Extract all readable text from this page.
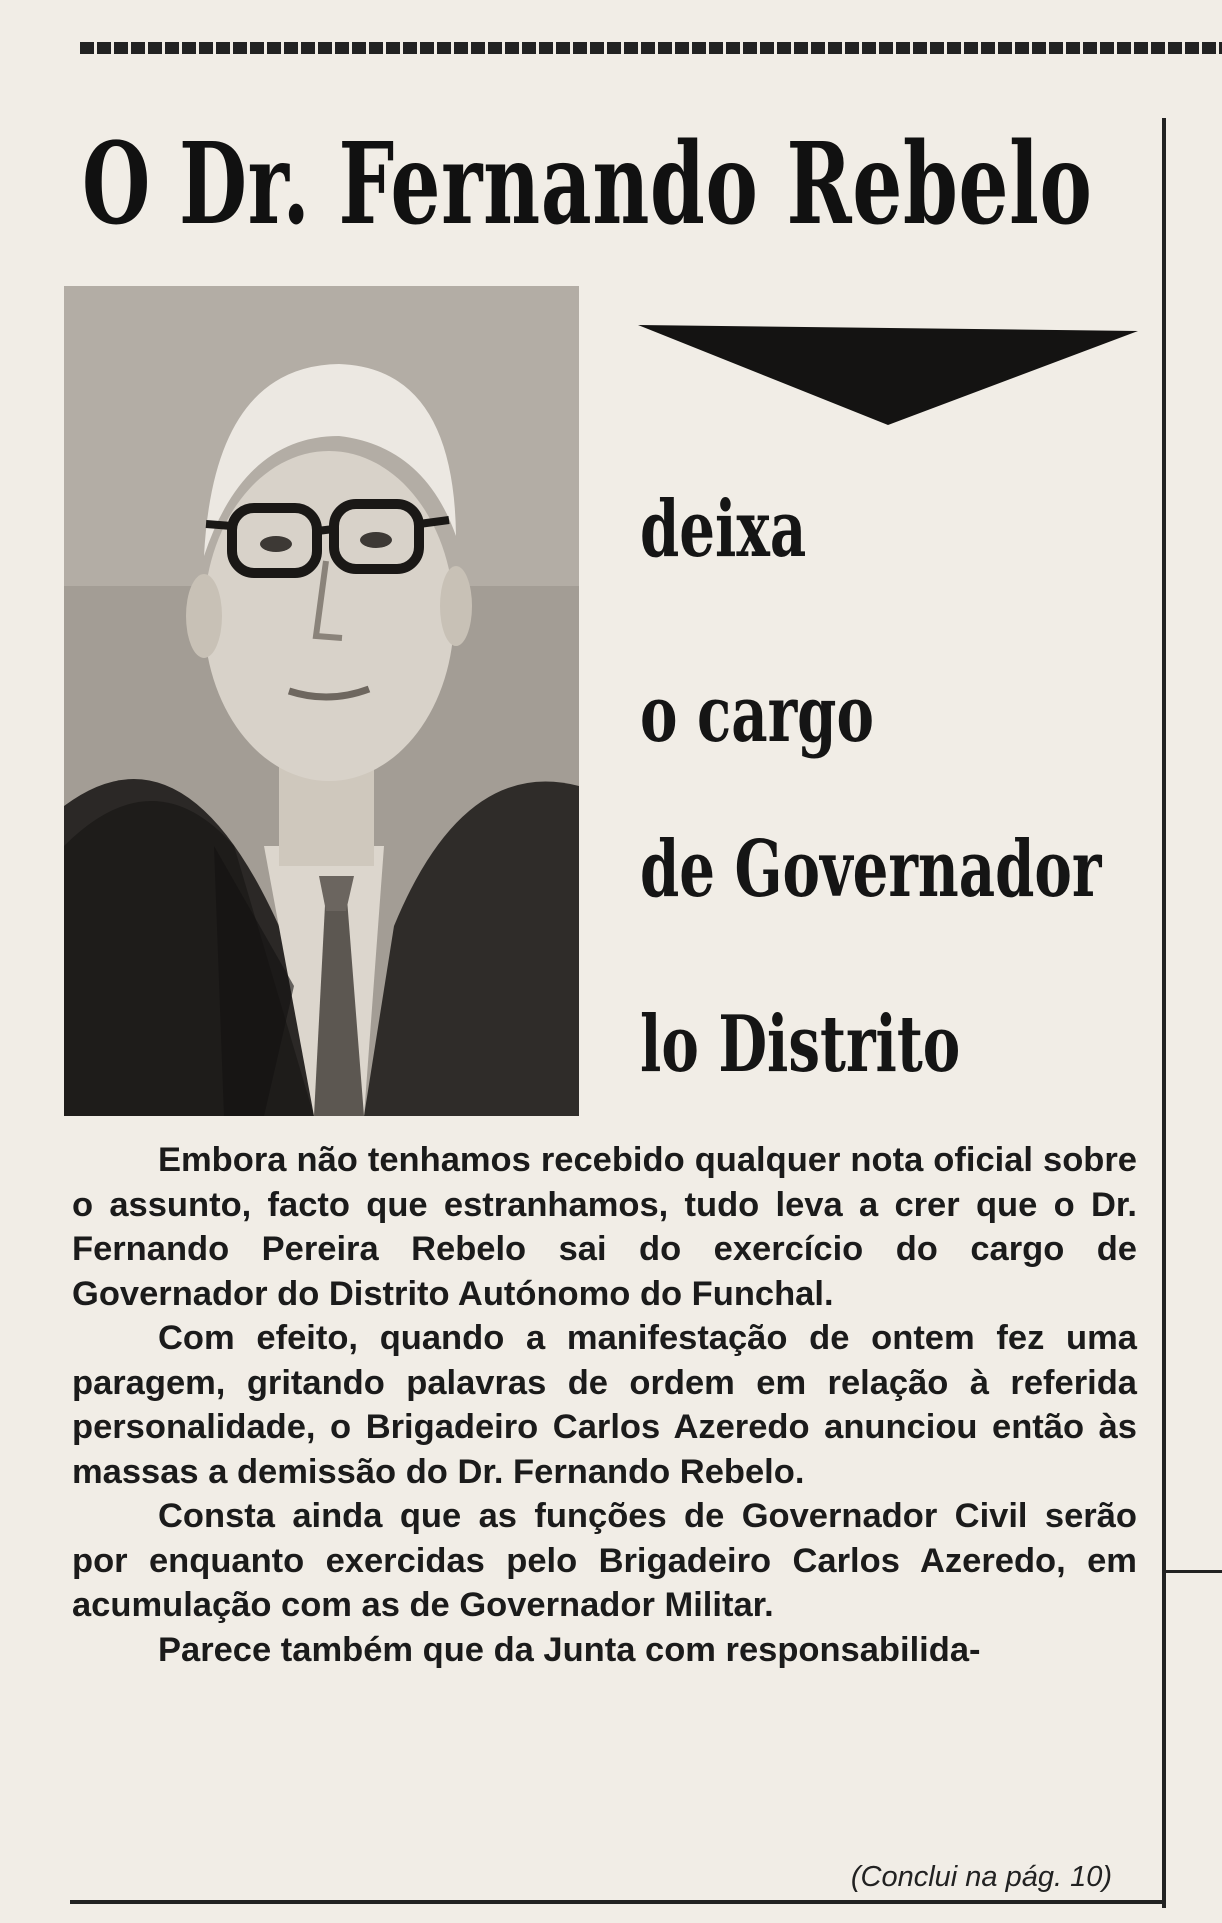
O Dr. Fernando Rebelo
deixa
o cargo
de Governador
lo Distrito

Embora não tenhamos recebido qualquer nota oficial sobre o assunto, facto que estranhamos, tudo leva a crer que o Dr. Fernando Pereira Rebelo sai do exercício do cargo de Governador do Distrito Autónomo do Funchal.

Com efeito, quando a manifestação de ontem fez uma paragem, gritando palavras de ordem em relação à referida personalidade, o Brigadeiro Carlos Azeredo anunciou então às massas a demissão do Dr. Fernando Rebelo.

Consta ainda que as funções de Governador Civil serão por enquanto exercidas pelo Brigadeiro Carlos Azeredo, em acumulação com as de Governador Militar.

Parece também que da Junta com responsabilida-

(Conclui na pág. 10)
